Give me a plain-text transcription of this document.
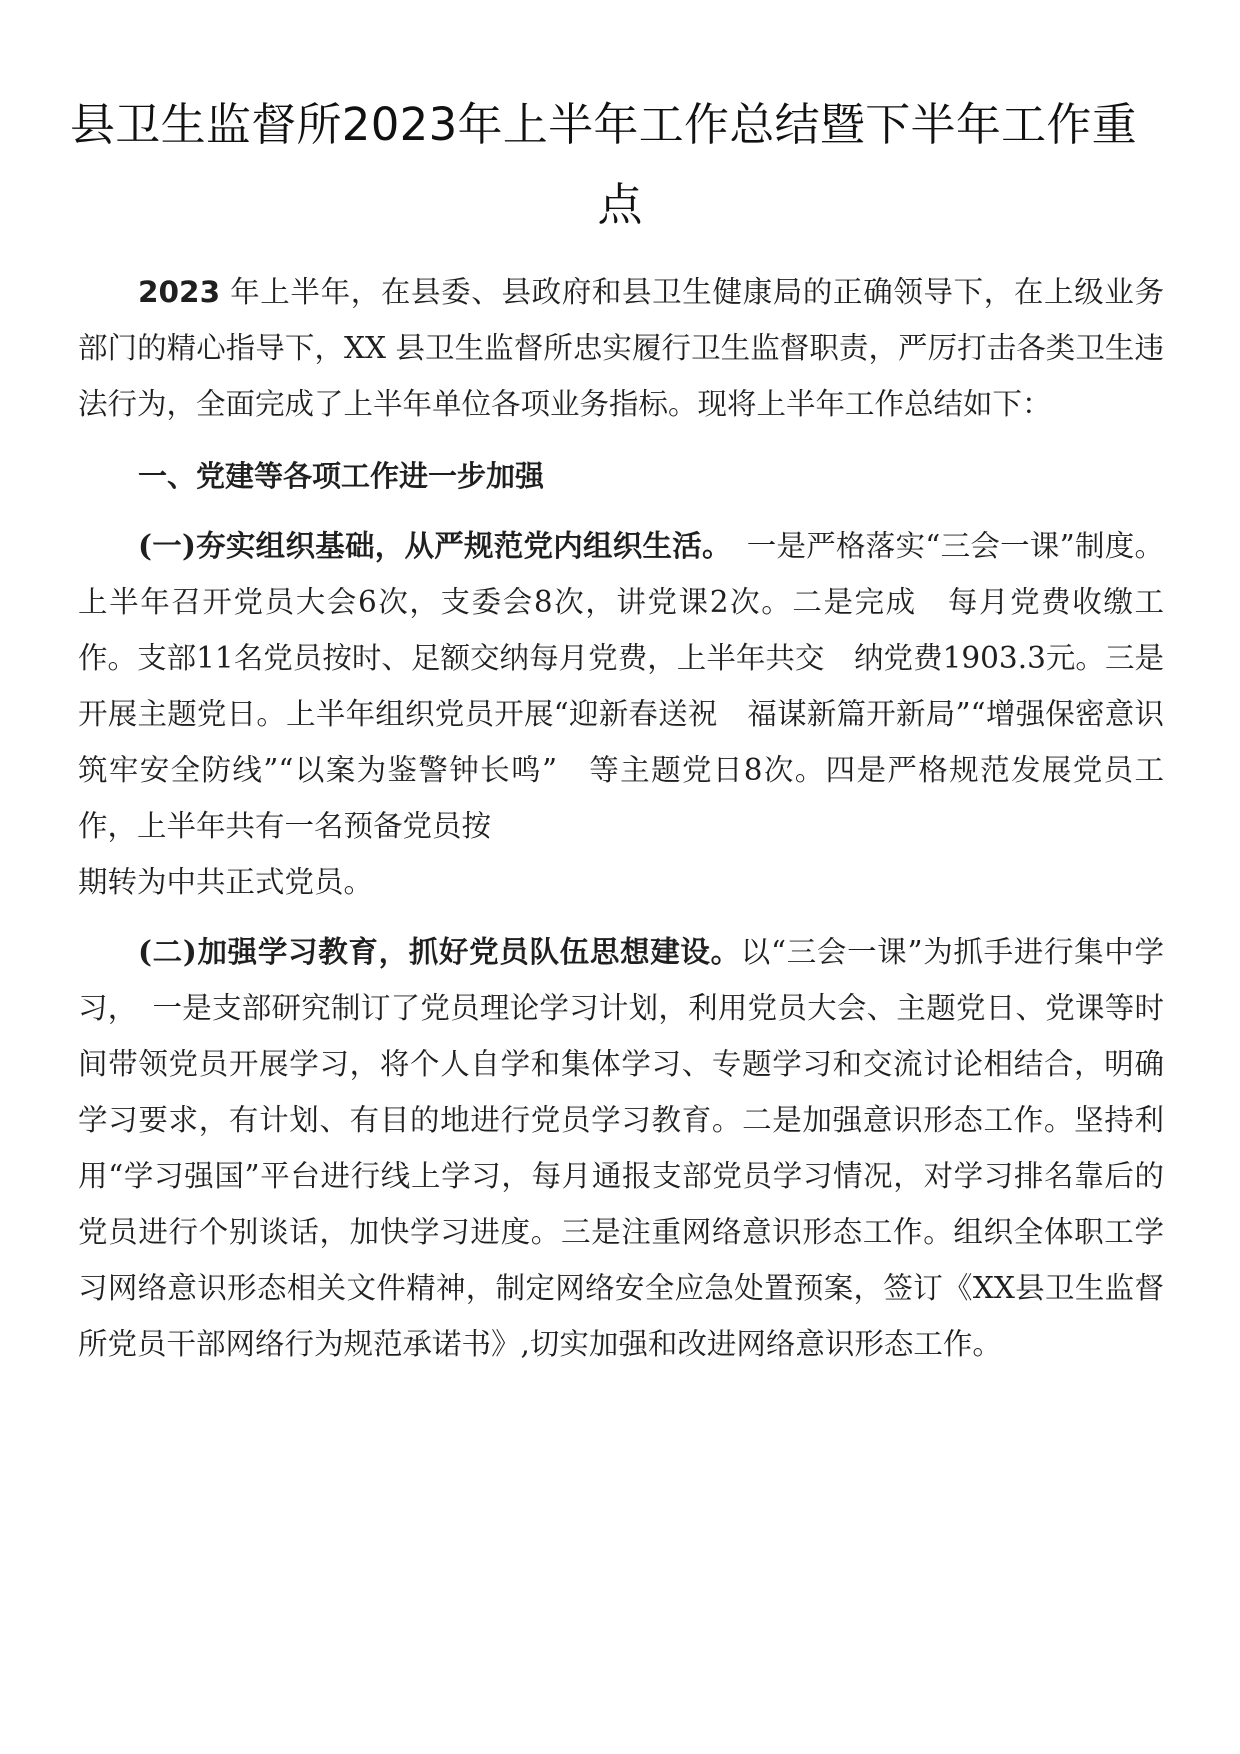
县卫生监督所2023年上半年工作总结暨下半年工作重
点

2023 年上半年，在县委、县政府和县卫生健康局的正确领导下，在上级业务部门的精心指导下，XX 县卫生监督所忠实履行卫生监督职责，严厉打击各类卫生违法行为，全面完成了上半年单位各项业务指标。现将上半年工作总结如下：

一、党建等各项工作进一步加强

(一)夯实组织基础，从严规范党内组织生活。　 一是严格落实“三会一课”制度。上半年召开党员大会6次，支委会8次，讲党课2次。二是完成　每月党费收缴工作。支部11名党员按时、足额交纳每月党费，上半年共交　纳党费1903.3元。三是开展主题党日。上半年组织党员开展“迎新春送祝　福谋新篇开新局”“增强保密意识筑牢安全防线”“以案为鉴警钟长鸣”　等主题党日8次。四是严格规范发展党员工作，上半年共有一名预备党员按

期转为中共正式党员。

(二)加强学习教育，抓好党员队伍思想建设。以“三会一课”为抓手进行集中学习，　一是支部研究制订了党员理论学习计划，利用党员大会、主题党日、党课等时间带领党员开展学习，将个人自学和集体学习、专题学习和交流讨论相结合，明确学习要求，有计划、有目的地进行党员学习教育。二是加强意识形态工作。坚持利用“学习强国”平台进行线上学习，每月通报支部党员学习情况，对学习排名靠后的党员进行个别谈话，加快学习进度。三是注重网络意识形态工作。组织全体职工学习网络意识形态相关文件精神，制定网络安全应急处置预案，签订《XX县卫生监督所党员干部网络行为规范承诺书》,切实加强和改进网络意识形态工作。
